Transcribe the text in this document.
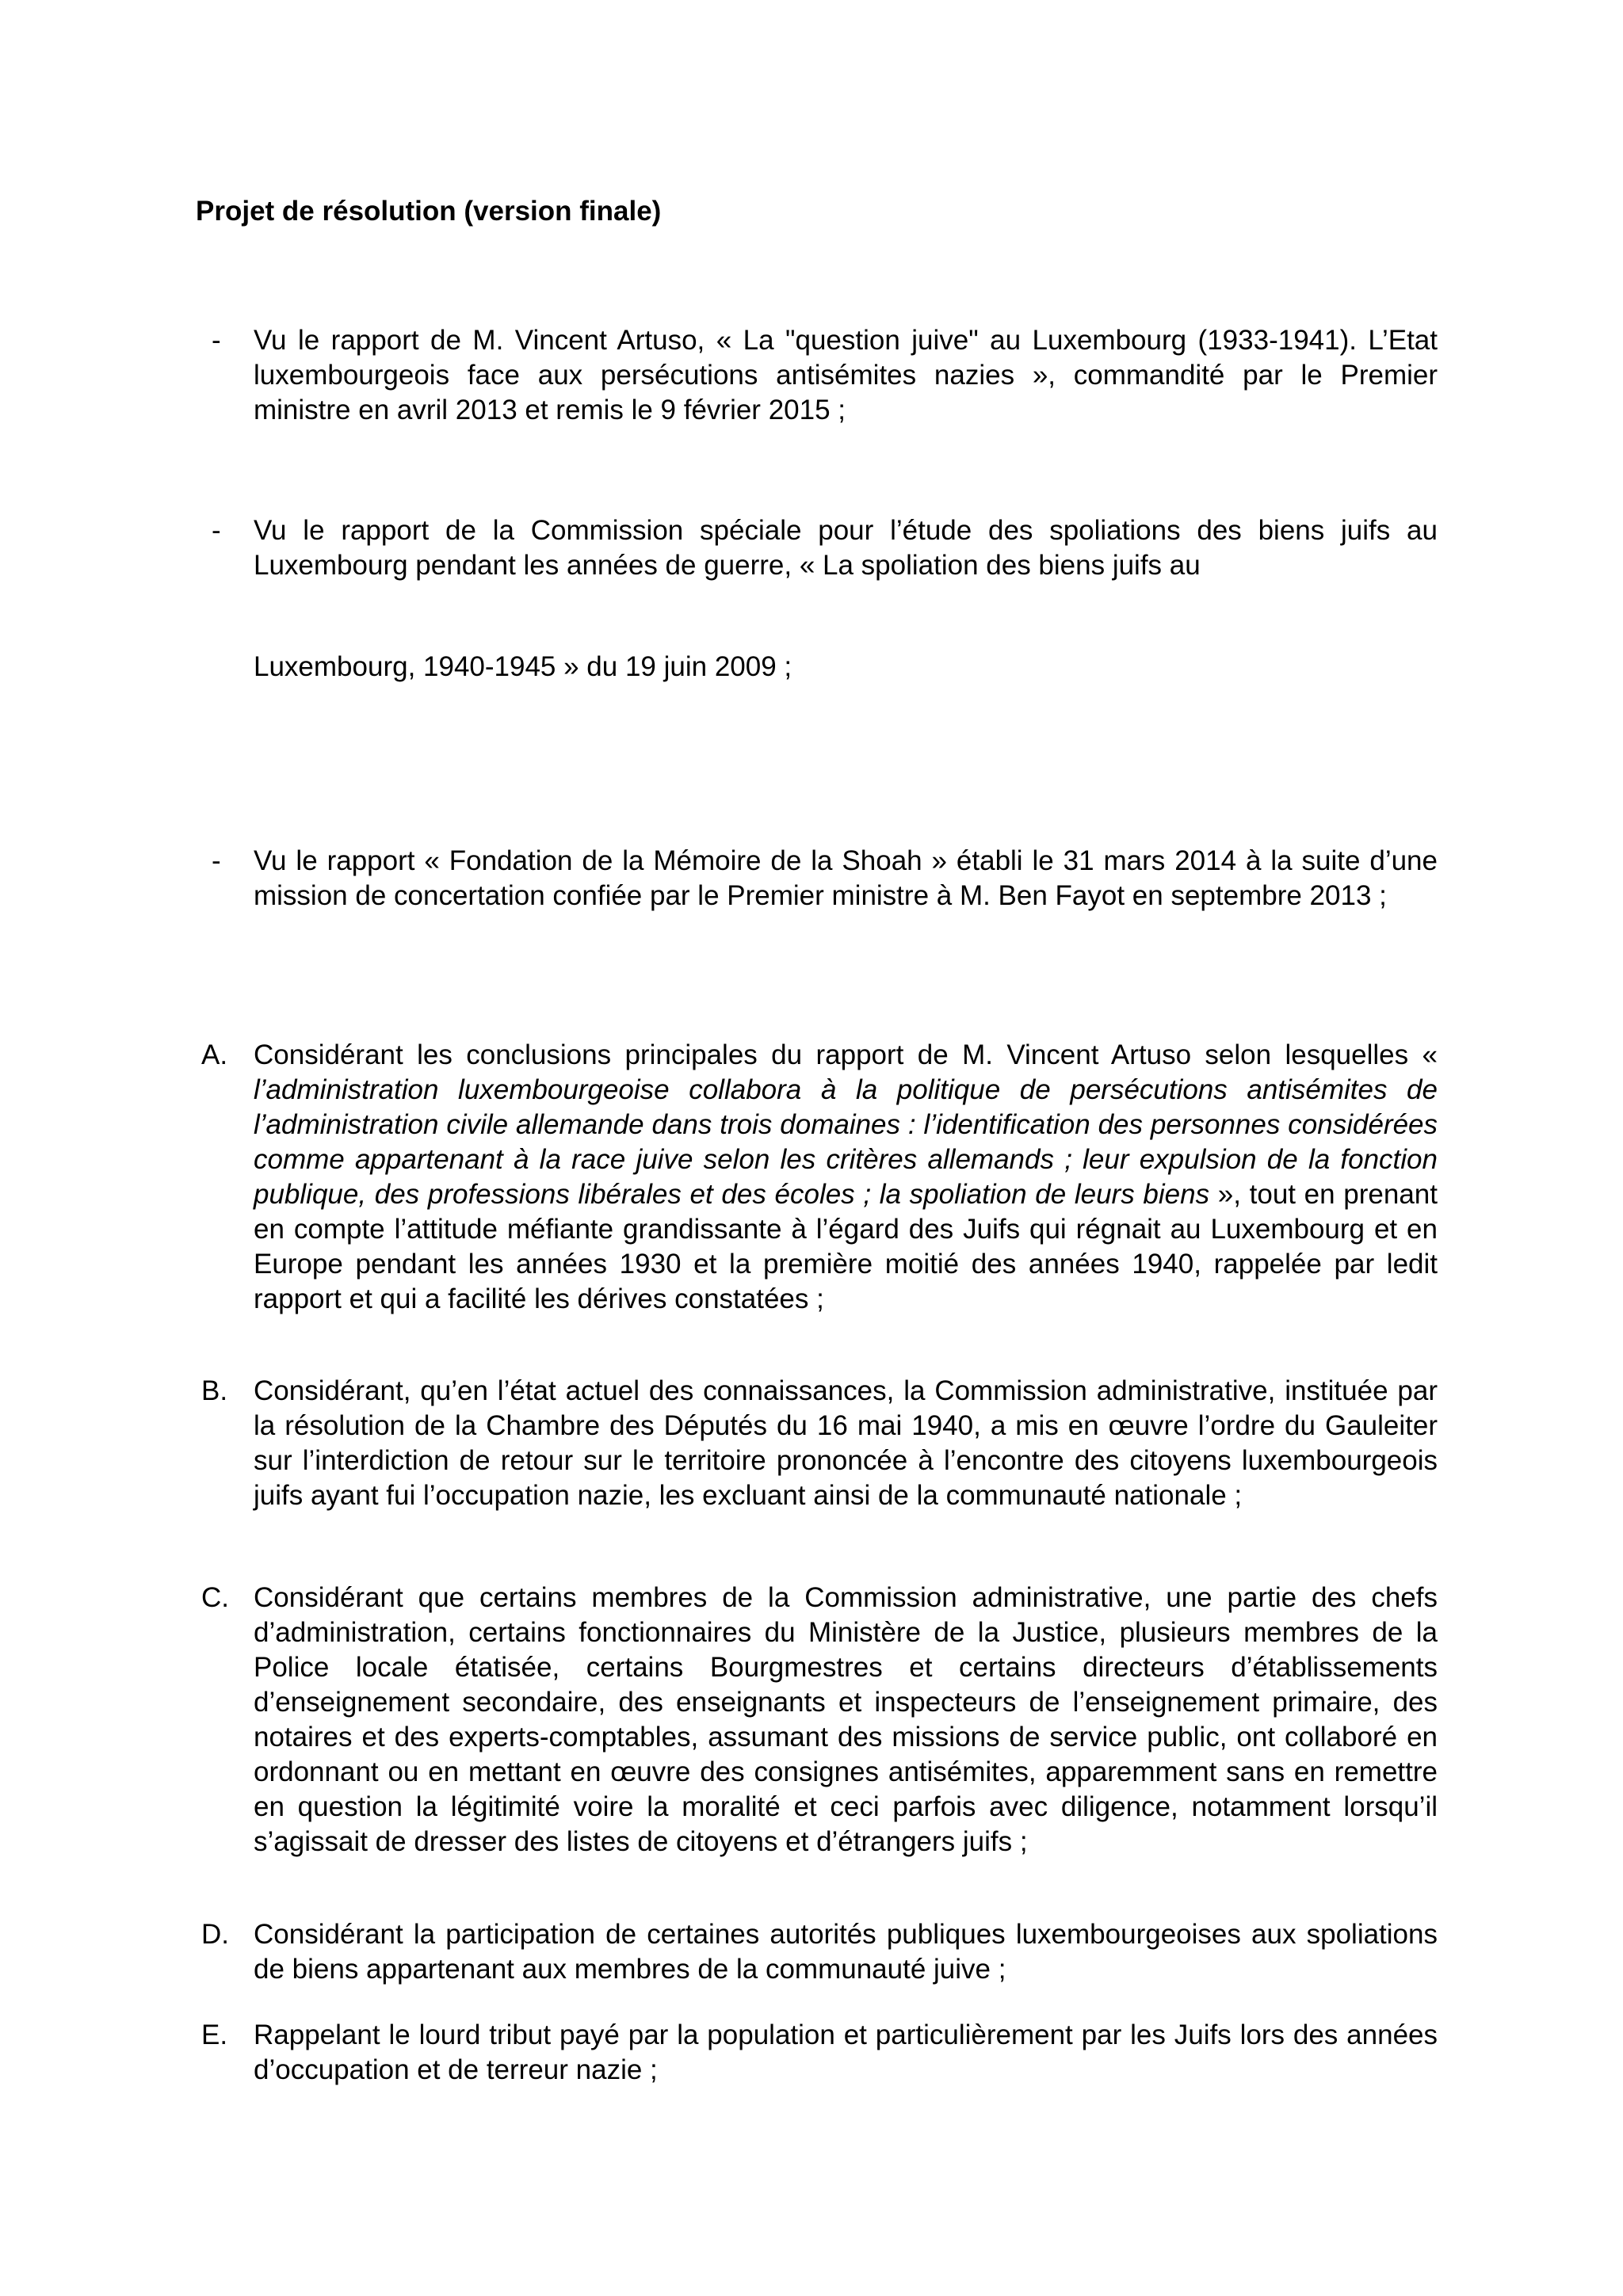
Projet de résolution (version finale)
- Vu le rapport de M. Vincent Artuso, « La "question juive" au Luxembourg (1933-1941). L’Etat luxembourgeois face aux persécutions antisémites nazies », commandité par le Premier ministre en avril 2013 et remis le 9 février 2015 ;
- Vu le rapport de la Commission spéciale pour l’étude des spoliations des biens juifs au Luxembourg pendant les années de guerre, « La spoliation des biens juifs au
Luxembourg, 1940-1945 » du 19 juin 2009 ;
- Vu le rapport « Fondation de la Mémoire de la Shoah » établi le 31 mars 2014 à la suite d’une mission de concertation confiée par le Premier ministre à M. Ben Fayot en septembre 2013 ;
A. Considérant les conclusions principales du rapport de M. Vincent Artuso selon lesquelles « l’administration luxembourgeoise collabora à la politique de persécutions antisémites de l’administration civile allemande dans trois domaines : l’identification des personnes considérées comme appartenant à la race juive selon les critères allemands ; leur expulsion de la fonction publique, des professions libérales et des écoles ; la spoliation de leurs biens », tout en prenant en compte l’attitude méfiante grandissante à l’égard des Juifs qui régnait au Luxembourg et en Europe pendant les années 1930 et la première moitié des années 1940, rappelée par ledit rapport et qui a facilité les dérives constatées ;
B. Considérant, qu’en l’état actuel des connaissances, la Commission administrative, instituée par la résolution de la Chambre des Députés du 16 mai 1940, a mis en œuvre l’ordre du Gauleiter sur l’interdiction de retour sur le territoire prononcée à l’encontre des citoyens luxembourgeois juifs ayant fui l’occupation nazie, les excluant ainsi de la communauté nationale ;
C. Considérant que certains membres de la Commission administrative, une partie des chefs d’administration, certains fonctionnaires du Ministère de la Justice, plusieurs membres de la Police locale étatisée, certains Bourgmestres et certains directeurs d’établissements d’enseignement secondaire, des enseignants et inspecteurs de l’enseignement primaire, des notaires et des experts-comptables, assumant des missions de service public, ont collaboré en ordonnant ou en mettant en œuvre des consignes antisémites, apparemment sans en remettre en question la légitimité voire la moralité et ceci parfois avec diligence, notamment lorsqu’il s’agissait de dresser des listes de citoyens et d’étrangers juifs ;
D. Considérant la participation de certaines autorités publiques luxembourgeoises aux spoliations de biens appartenant aux membres de la communauté juive ;
E. Rappelant le lourd tribut payé par la population et particulièrement par les Juifs lors des années d’occupation et de terreur nazie ;
